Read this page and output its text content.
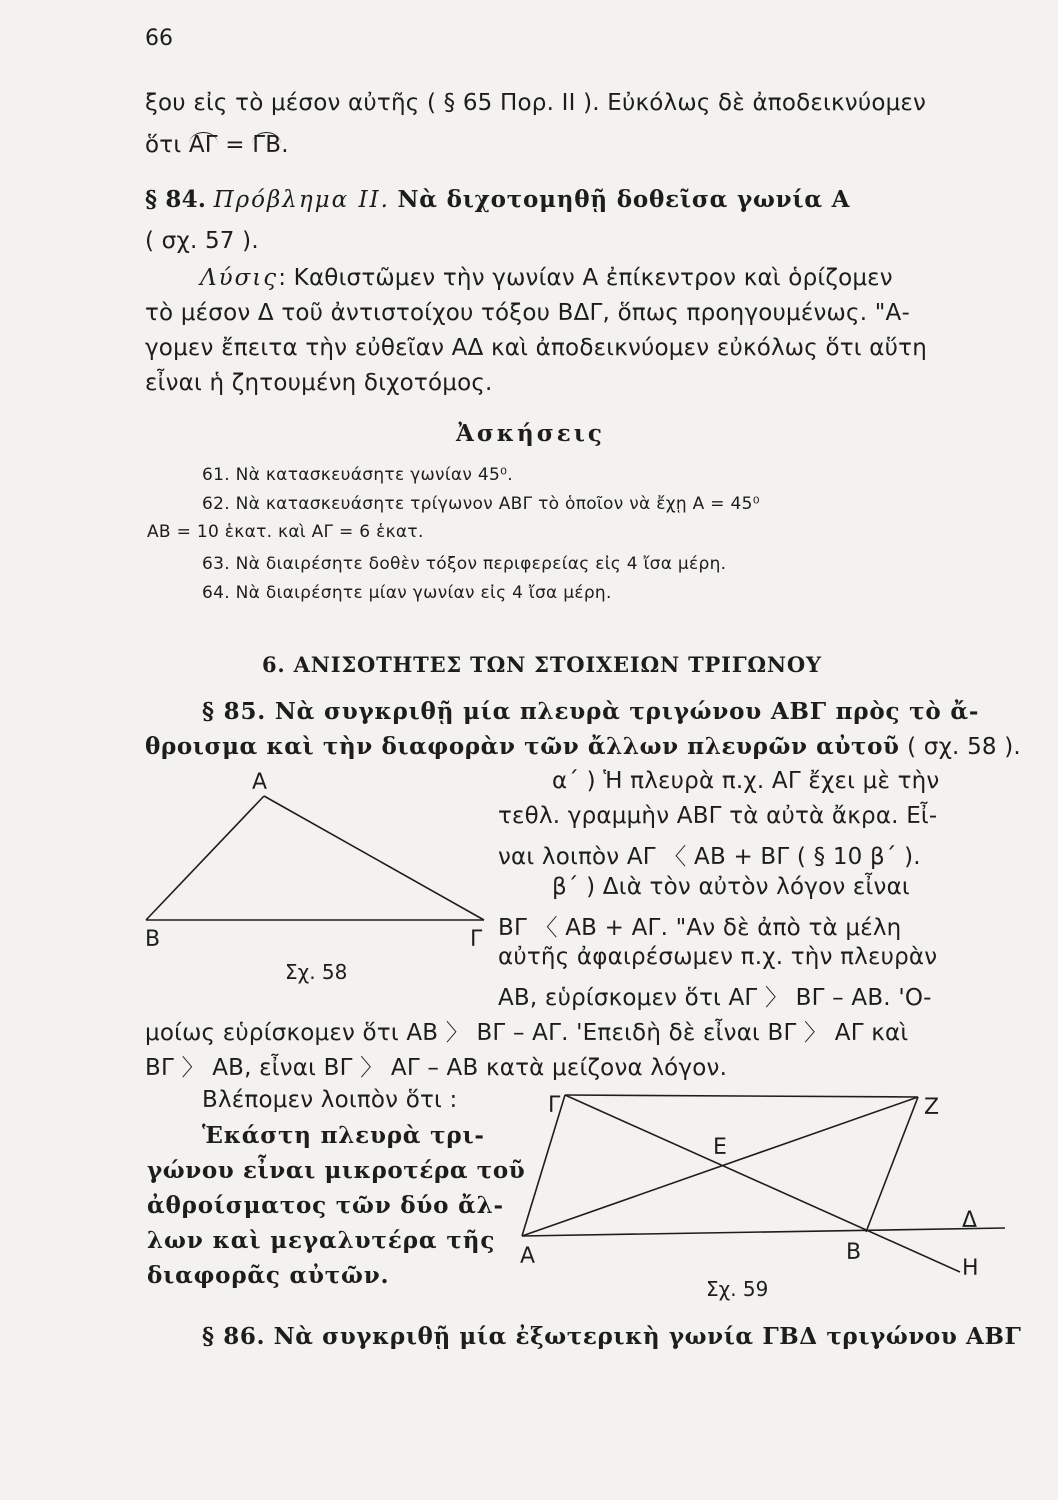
66
ξου εἰς τὸ μέσον αὐτῆς ( § 65 Πορ. II ). Εὐκόλως δὲ ἀποδεικνύομεν
ὅτι ΑΓ = ΓΒ.
§ 84. Πρόβλημα II. Νὰ διχοτομηθῇ δοθεῖσα γωνία Α
( σχ. 57 ).
Λύσις: Καθιστῶμεν τὴν γωνίαν Α ἐπίκεντρον καὶ ὁρίζομεν
τὸ μέσον Δ τοῦ ἀντιστοίχου τόξου ΒΔΓ, ὅπως προηγουμένως. "Α-
γομεν ἔπειτα τὴν εὐθεῖαν ΑΔ καὶ ἀποδεικνύομεν εὐκόλως ὅτι αὕτη
εἶναι ἡ ζητουμένη διχοτόμος.
Ἀσκήσεις
61. Νὰ κατασκευάσητε γωνίαν 45⁰.
62. Νὰ κατασκευάσητε τρίγωνον ΑΒΓ τὸ ὁποῖον νὰ ἔχῃ Α = 45⁰
ΑΒ = 10 ἑκατ. καὶ ΑΓ = 6 ἑκατ.
63. Νὰ διαιρέσητε δοθὲν τόξον περιφερείας εἰς 4 ἴσα μέρη.
64. Νὰ διαιρέσητε μίαν γωνίαν εἰς 4 ἴσα μέρη.
6. ΑΝΙΣΟΤΗΤΕΣ ΤΩΝ ΣΤΟΙΧΕΙΩΝ ΤΡΙΓΩΝΟΥ
§ 85. Νὰ συγκριθῇ μία πλευρὰ τριγώνου ΑΒΓ πρὸς τὸ ἄ-
θροισμα καὶ τὴν διαφορὰν τῶν ἄλλων πλευρῶν αὐτοῦ ( σχ. 58 ).
α΄ ) Ἡ πλευρὰ π.χ. ΑΓ ἔχει μὲ τὴν
τεθλ. γραμμὴν ΑΒΓ τὰ αὐτὰ ἄκρα. Εἶ-
ναι λοιπὸν ΑΓ 〈 ΑΒ + ΒΓ ( § 10 β΄ ).
β΄ ) Διὰ τὸν αὐτὸν λόγον εἶναι
ΒΓ 〈 ΑΒ + ΑΓ. "Αν δὲ ἀπὸ τὰ μέλη
αὐτῆς ἀφαιρέσωμεν π.χ. τὴν πλευρὰν
ΑΒ, εὑρίσκομεν ὅτι ΑΓ 〉 ΒΓ – ΑΒ. 'Ο-
μοίως εὑρίσκομεν ὅτι ΑΒ 〉 ΒΓ – ΑΓ. 'Επειδὴ δὲ εἶναι ΒΓ 〉 ΑΓ καὶ
ΒΓ 〉 ΑΒ, εἶναι ΒΓ 〉 ΑΓ – ΑΒ κατὰ μείζονα λόγον.
Βλέπομεν λοιπὸν ὅτι :
Ἑκάστη πλευρὰ τρι-
γώνου εἶναι μικροτέρα τοῦ
ἀθροίσματος τῶν δύο ἄλ-
λων καὶ μεγαλυτέρα τῆς
διαφορᾶς αὐτῶν.
Α
Β	Γ
Σχ. 58
Γ	Ζ
Ε
Δ
Α	Β
Η
Σχ. 59
§ 86. Νὰ συγκριθῇ μία ἐξωτερικὴ γωνία ΓΒΔ τριγώνου ΑΒΓ
